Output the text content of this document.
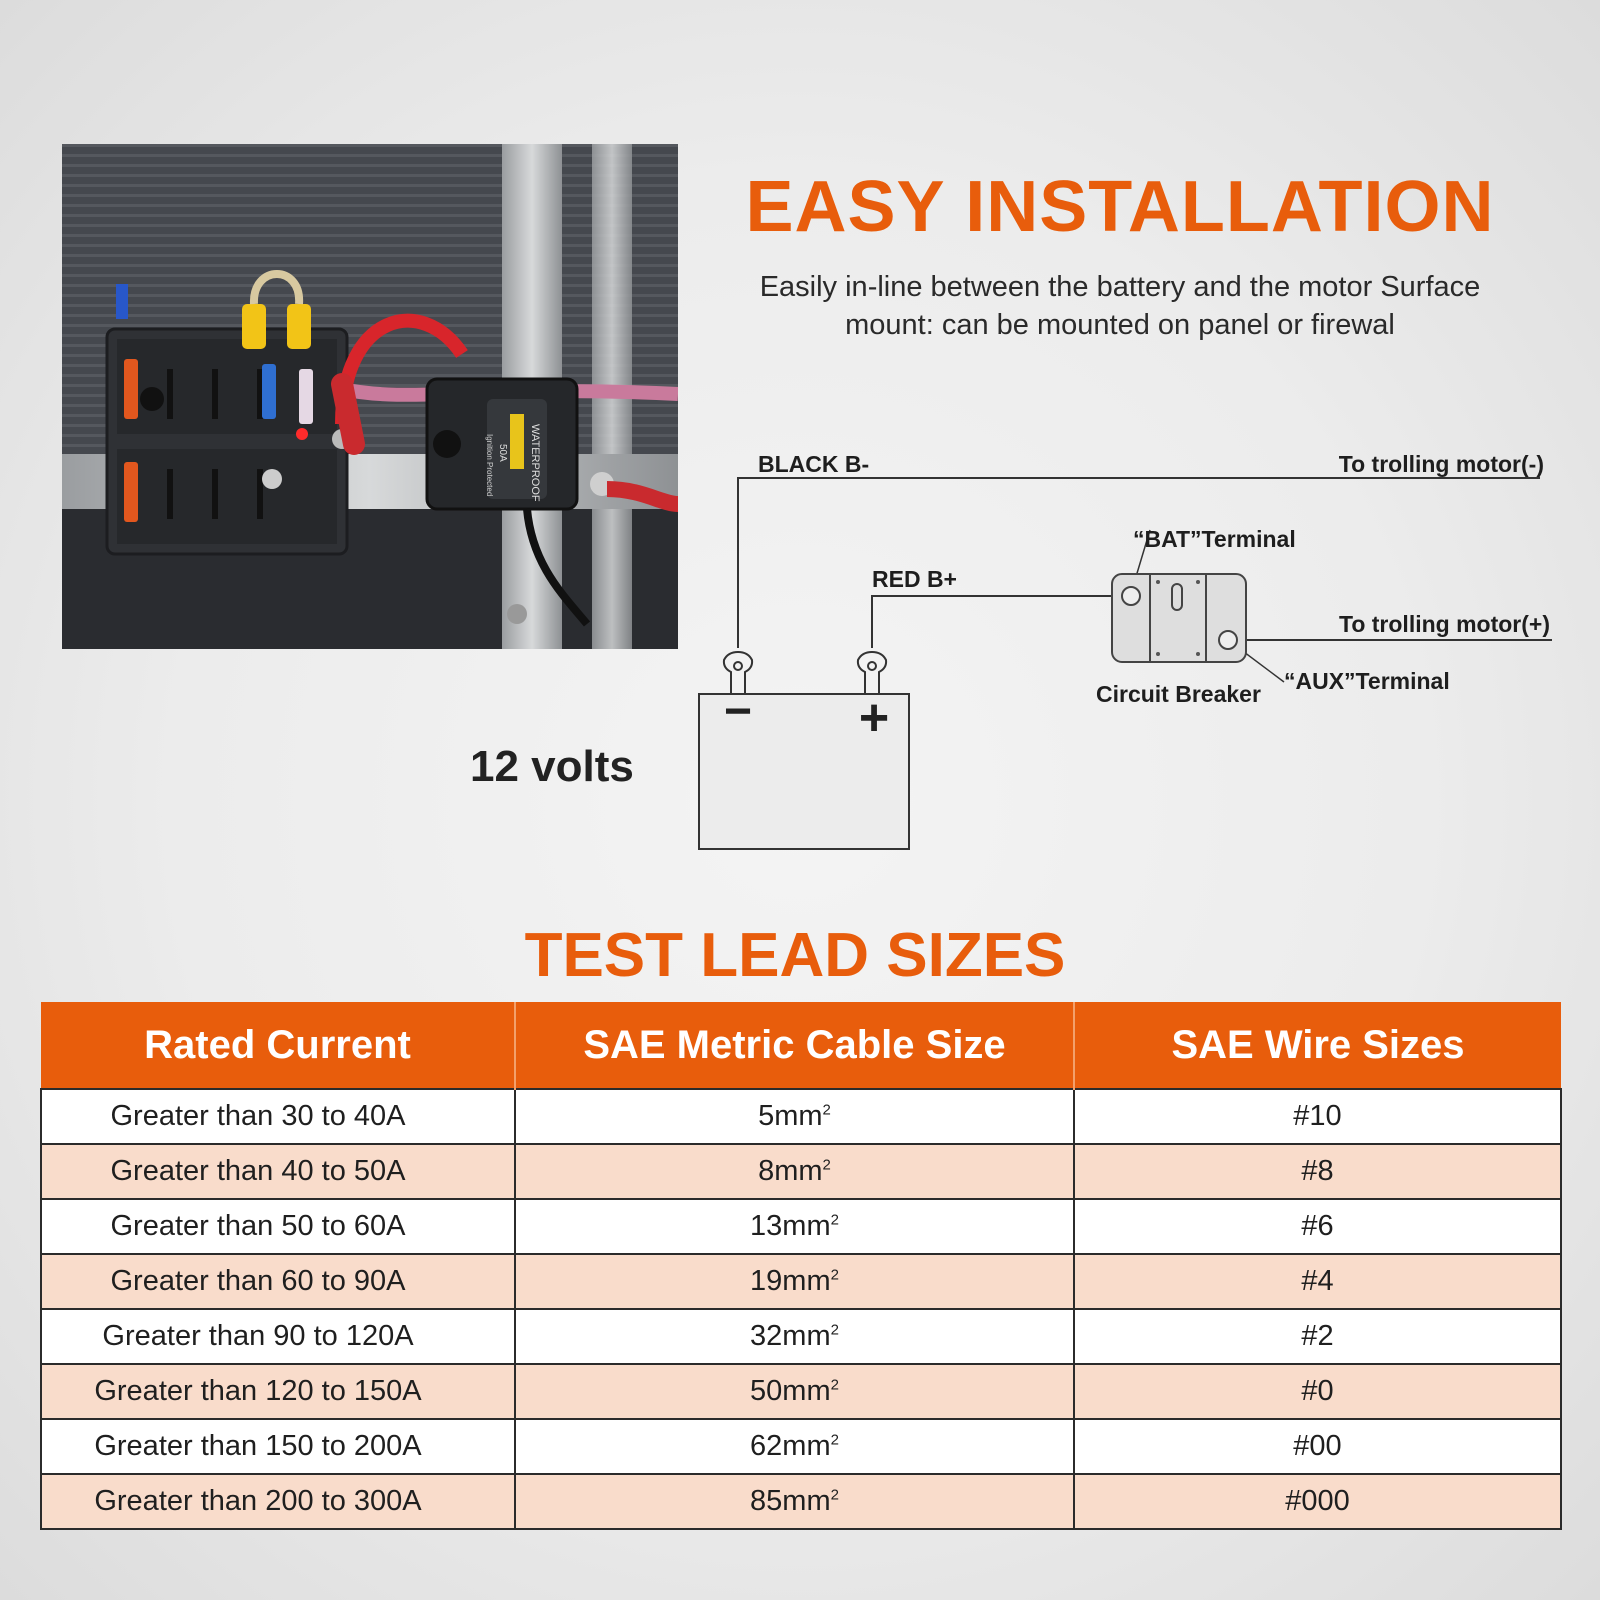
WATERPROOF
50A
Ignition Protected
EASY INSTALLATION
Easily in-line between the battery and the motor Surface mount: can be mounted on panel or firewal
− +
BLACK B-	To trolling motor(-)
“BAT”Terminal
RED B+
To trolling motor(+)
“AUX”Terminal
Circuit Breaker
12 volts
TEST LEAD SIZES
Rated Current	SAE Metric Cable Size	SAE Wire Sizes
Greater than 30 to 40A	$5mm^2$	#10
Greater than 40 to 50A	$8mm^2$	#8
Greater than 50 to 60A	$13mm^2$	#6
Greater than 60 to 90A	$19mm^2$	#4
Greater than 90 to 120A	$32mm^2$	#2
Greater than 120 to 150A	$50mm^2$	#0
Greater than 150 to 200A	$62mm^2$	#00
Greater than 200 to 300A	$85mm^2$	#000
